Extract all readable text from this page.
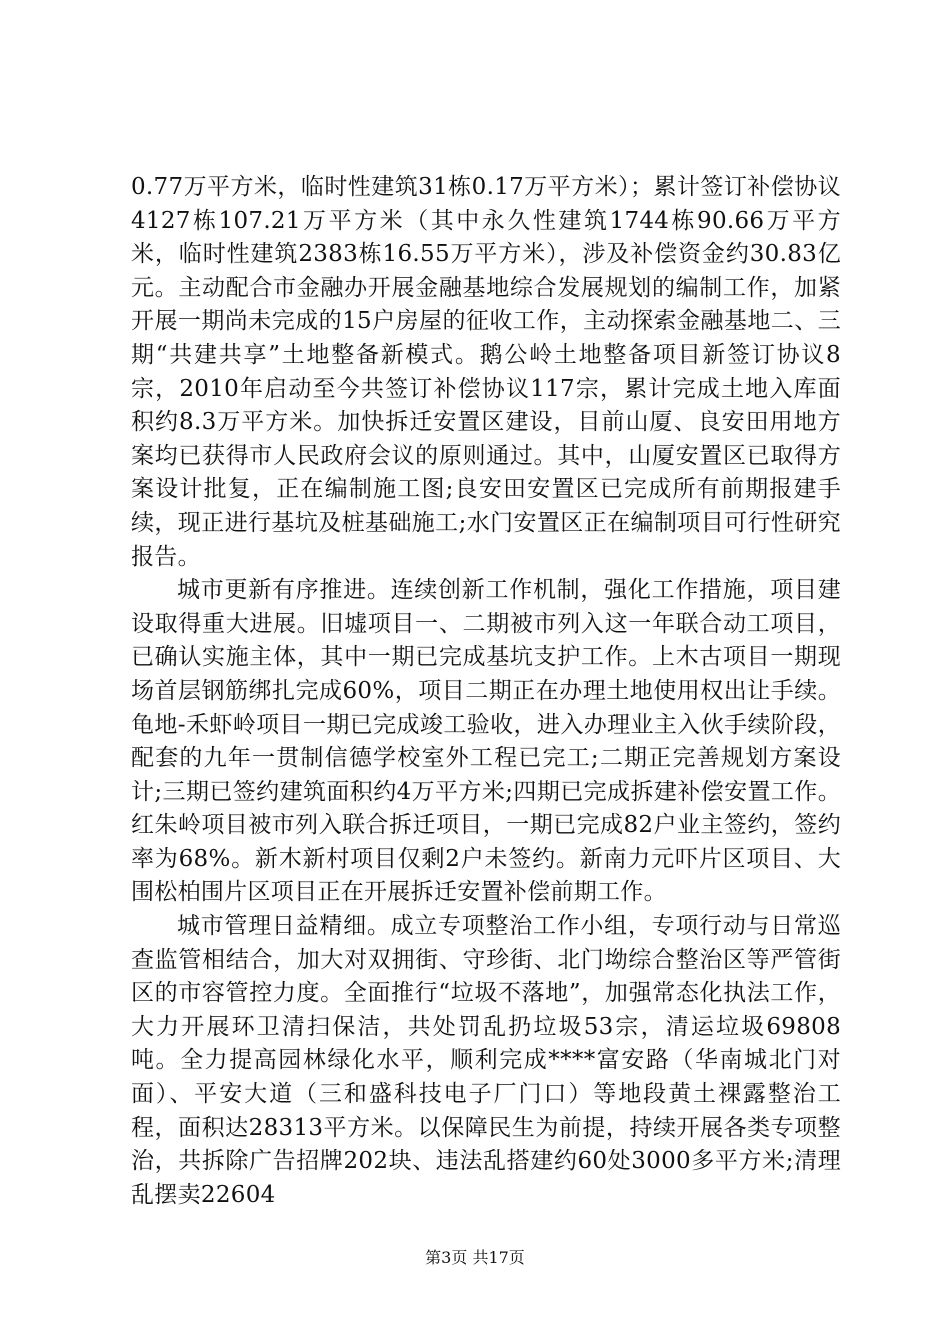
0.77万平方米，临时性建筑31栋0.17万平方米）；累计签订补偿协议4127栋107.21万平方米（其中永久性建筑1744栋90.66万平方米，临时性建筑2383栋16.55万平方米），涉及补偿资金约30.83亿元。主动配合市金融办开展金融基地综合发展规划的编制工作，加紧开展一期尚未完成的15户房屋的征收工作，主动探索金融基地二、三期“共建共享”土地整备新模式。鹅公岭土地整备项目新签订协议8宗，2010年启动至今共签订补偿协议117宗，累计完成土地入库面积约8.3万平方米。加快拆迁安置区建设，目前山厦、良安田用地方案均已获得市人民政府会议的原则通过。其中，山厦安置区已取得方案设计批复，正在编制施工图;良安田安置区已完成所有前期报建手续，现正进行基坑及桩基础施工;水门安置区正在编制项目可行性研究报告。

城市更新有序推进。连续创新工作机制，强化工作措施，项目建设取得重大进展。旧墟项目一、二期被市列入这一年联合动工项目，已确认实施主体，其中一期已完成基坑支护工作。上木古项目一期现场首层钢筋绑扎完成60%，项目二期正在办理土地使用权出让手续。龟地-禾虾岭项目一期已完成竣工验收，进入办理业主入伙手续阶段，配套的九年一贯制信德学校室外工程已完工;二期正完善规划方案设计;三期已签约建筑面积约4万平方米;四期已完成拆建补偿安置工作。红朱岭项目被市列入联合拆迁项目，一期已完成82户业主签约，签约率为68%。新木新村项目仅剩2户未签约。新南力元吓片区项目、大围松柏围片区项目正在开展拆迁安置补偿前期工作。

城市管理日益精细。成立专项整治工作小组，专项行动与日常巡查监管相结合，加大对双拥街、守珍街、北门坳综合整治区等严管街区的市容管控力度。全面推行“垃圾不落地”，加强常态化执法工作，大力开展环卫清扫保洁，共处罚乱扔垃圾53宗，清运垃圾69808吨。全力提高园林绿化水平，顺利完成****富安路（华南城北门对面）、平安大道（三和盛科技电子厂门口）等地段黄土裸露整治工程，面积达28313平方米。以保障民生为前提，持续开展各类专项整治，共拆除广告招牌202块、违法乱搭建约60处3000多平方米;清理乱摆卖22604

第3页 共17页
